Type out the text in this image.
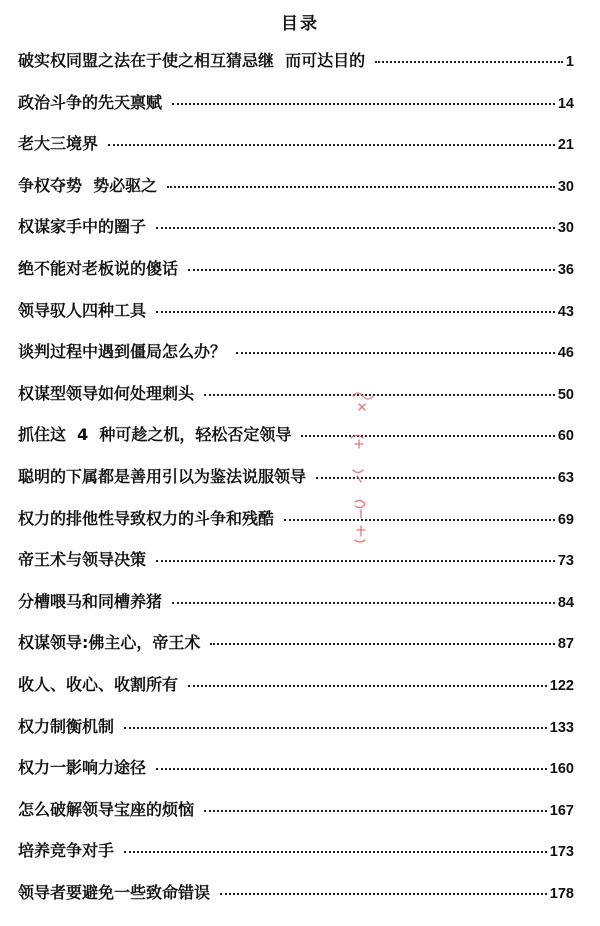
目录
破实权同盟之法在于使之相互猜忌继  而可达目的	1
政治斗争的先天禀赋	14
老大三境界	21
争权夺势  势必驱之	30
权谋家手中的圈子	30
绝不能对老板说的傻话	36
领导驭人四种工具	43
谈判过程中遇到僵局怎么办？	46
权谋型领导如何处理刺头	50
抓住这  4  种可趁之机，轻松否定领导	60
聪明的下属都是善用引以为鉴法说服领导	63
权力的排他性导致权力的斗争和残酷	69
帝王术与领导决策	73
分槽喂马和同槽养猪	84
权谋领导:佛主心，帝王术	87
收人、收心、收割所有	122
权力制衡机制	133
权力一影响力途径	160
怎么破解领导宝座的烦恼	167
培养竞争对手	173
领导者要避免一些致命错误	178
